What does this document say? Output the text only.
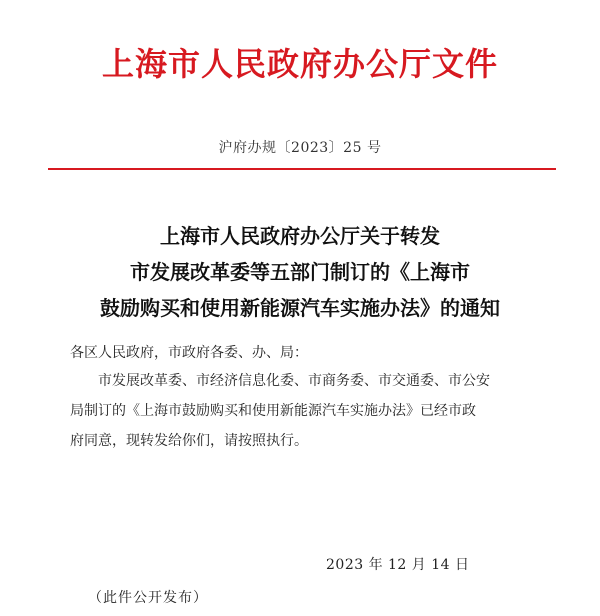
上海市人民政府办公厅文件
沪府办规〔2023〕25 号
上海市人民政府办公厅关于转发
市发展改革委等五部门制订的《上海市
鼓励购买和使用新能源汽车实施办法》的通知
各区人民政府，市政府各委、办、局：
市发展改革委、市经济信息化委、市商务委、市交通委、市公安
局制订的《上海市鼓励购买和使用新能源汽车实施办法》已经市政
府同意，现转发给你们，请按照执行。
2023 年 12 月 14 日
（此件公开发布）
